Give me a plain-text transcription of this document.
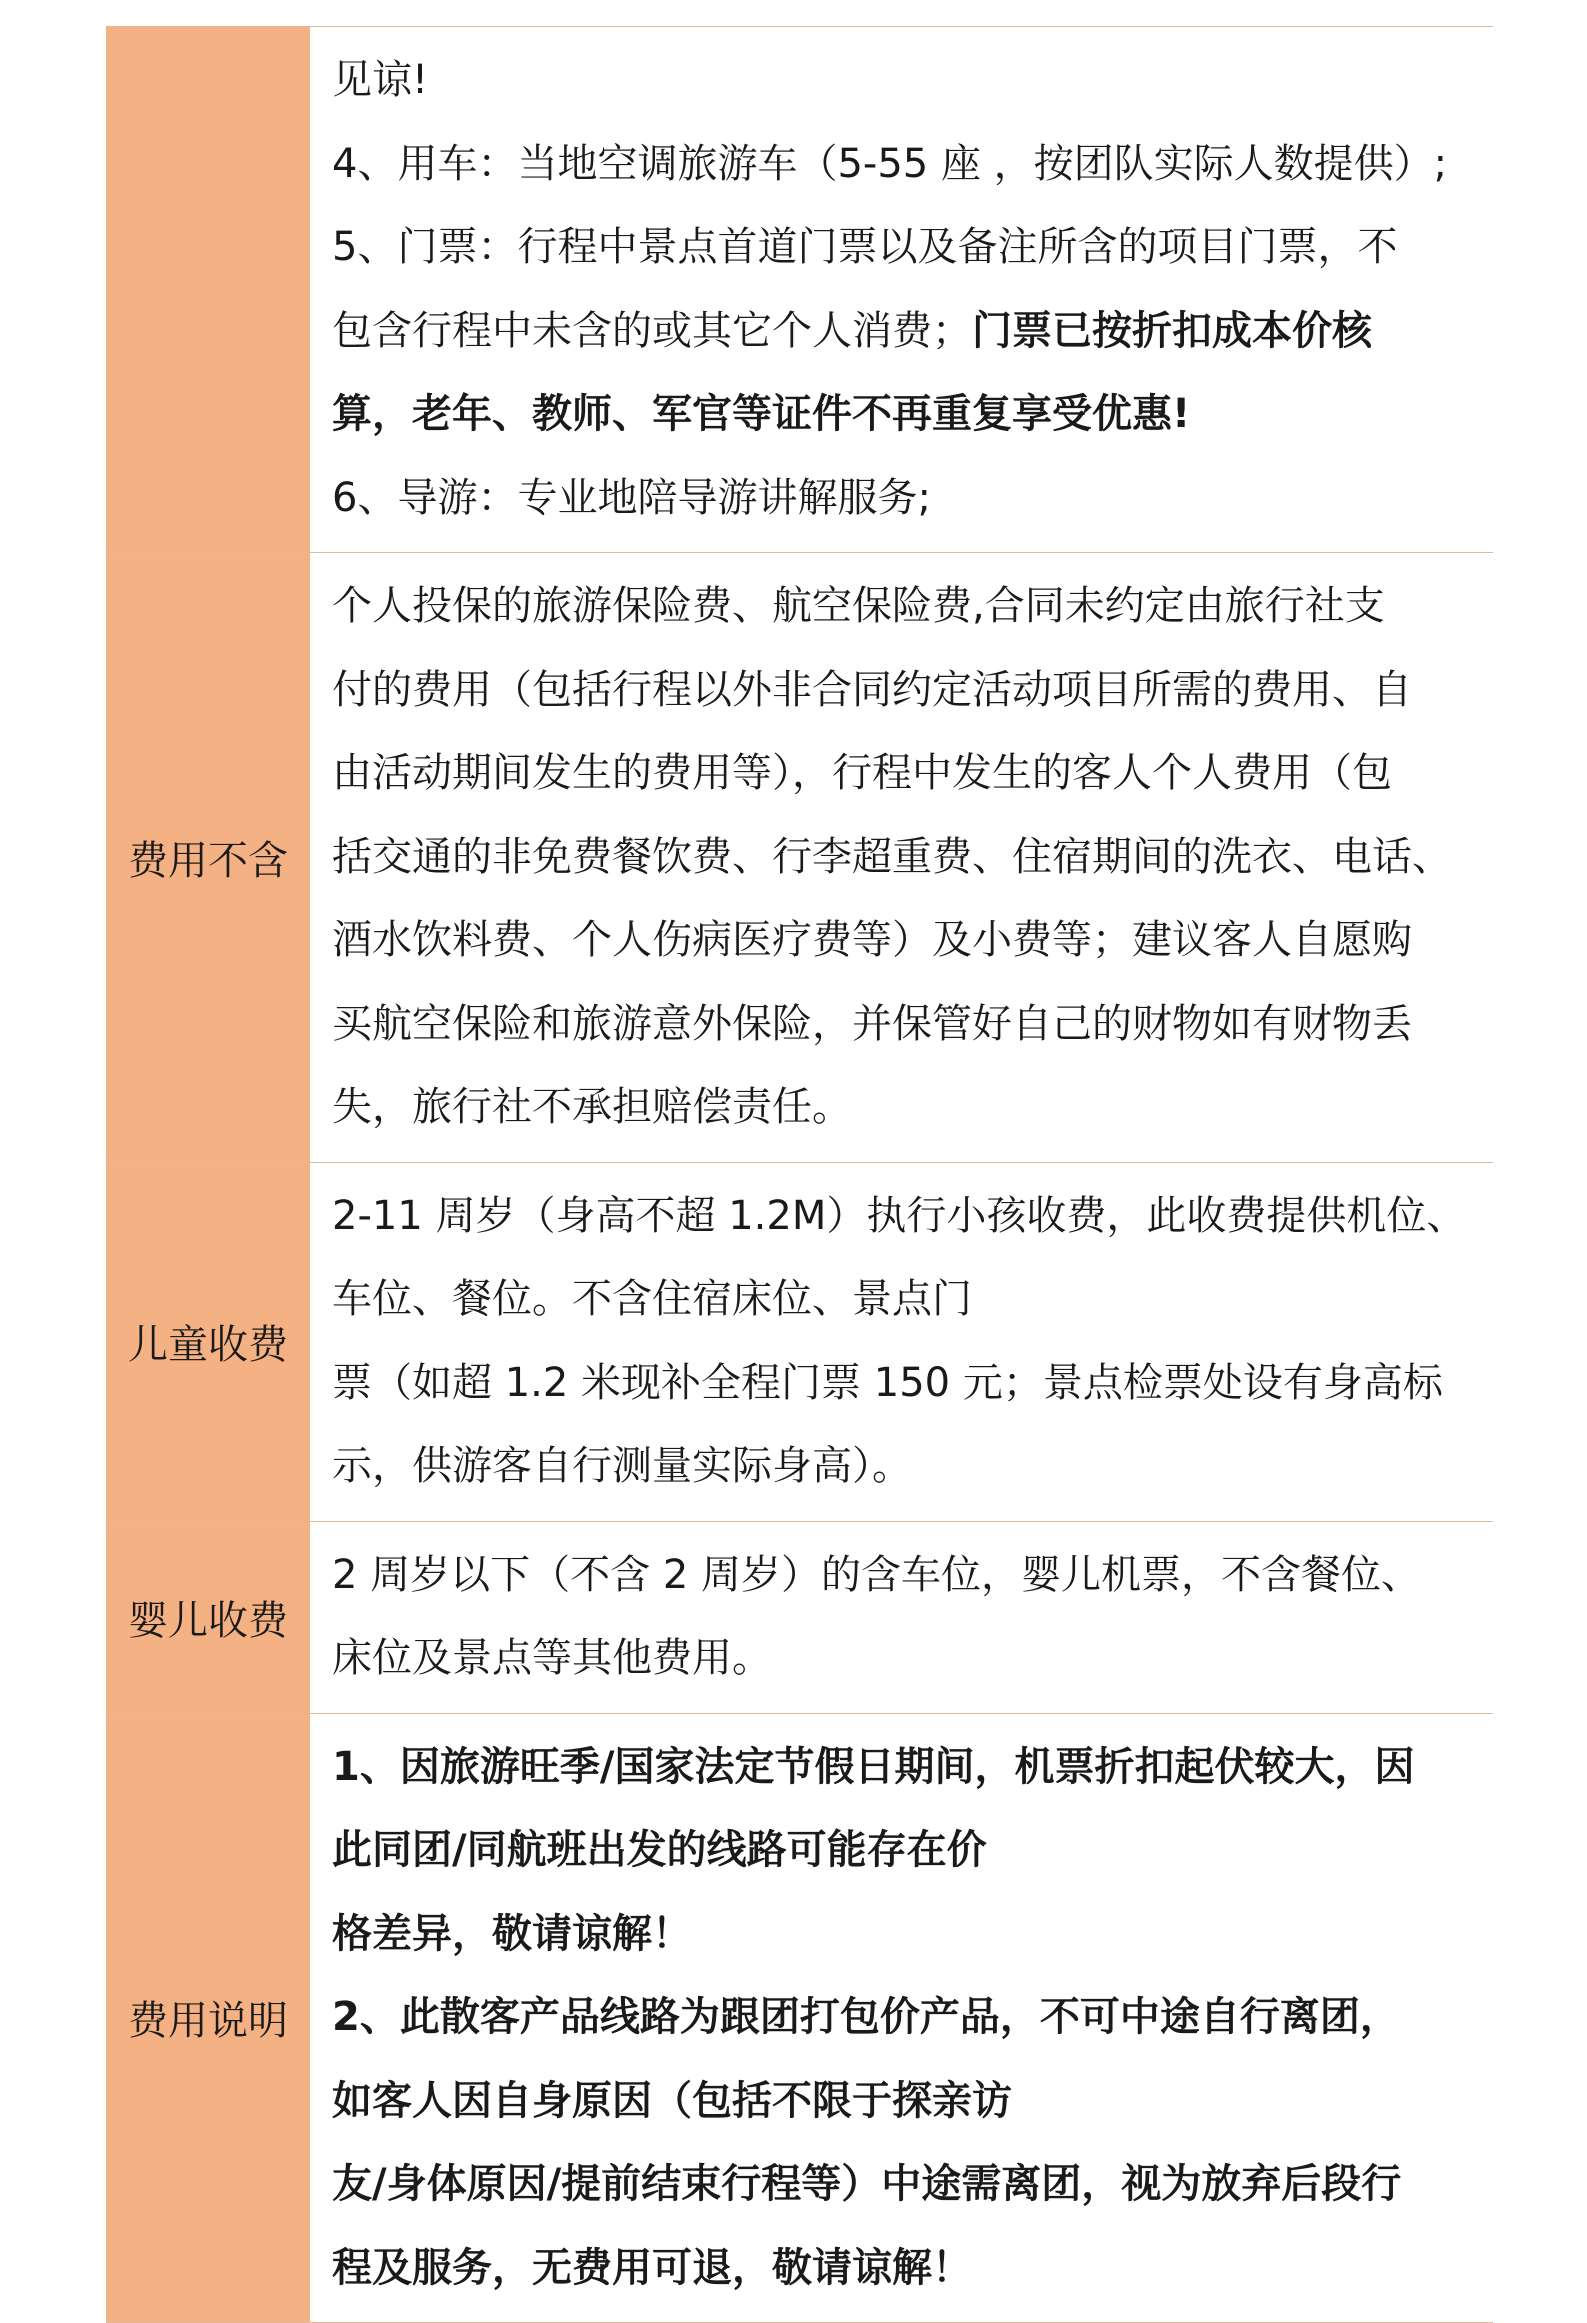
见谅!
4、用车：当地空调旅游车（5-55 座 ，按团队实际人数提供）;
5、门票：行程中景点首道门票以及备注所含的项目门票，不
包含行程中未含的或其它个人消费；门票已按折扣成本价核
算，老年、教师、军官等证件不再重复享受优惠!
6、导游：专业地陪导游讲解服务;
费用不含
个人投保的旅游保险费、航空保险费,合同未约定由旅行社支
付的费用（包括行程以外非合同约定活动项目所需的费用、自
由活动期间发生的费用等），行程中发生的客人个人费用（包
括交通的非免费餐饮费、行李超重费、住宿期间的洗衣、电话、
酒水饮料费、个人伤病医疗费等）及小费等；建议客人自愿购
买航空保险和旅游意外保险，并保管好自己的财物如有财物丢
失，旅行社不承担赔偿责任。
儿童收费
2-11 周岁（身高不超 1.2M）执行小孩收费，此收费提供机位、
车位、餐位。不含住宿床位、景点门
票（如超 1.2 米现补全程门票 150 元；景点检票处设有身高标
示，供游客自行测量实际身高）。
婴儿收费
2 周岁以下（不含 2 周岁）的含车位，婴儿机票，不含餐位、
床位及景点等其他费用。
费用说明
1、因旅游旺季/国家法定节假日期间，机票折扣起伏较大，因
此同团/同航班出发的线路可能存在价
格差异，敬请谅解！
2、此散客产品线路为跟团打包价产品，不可中途自行离团，
如客人因自身原因（包括不限于探亲访
友/身体原因/提前结束行程等）中途需离团，视为放弃后段行
程及服务，无费用可退，敬请谅解！
